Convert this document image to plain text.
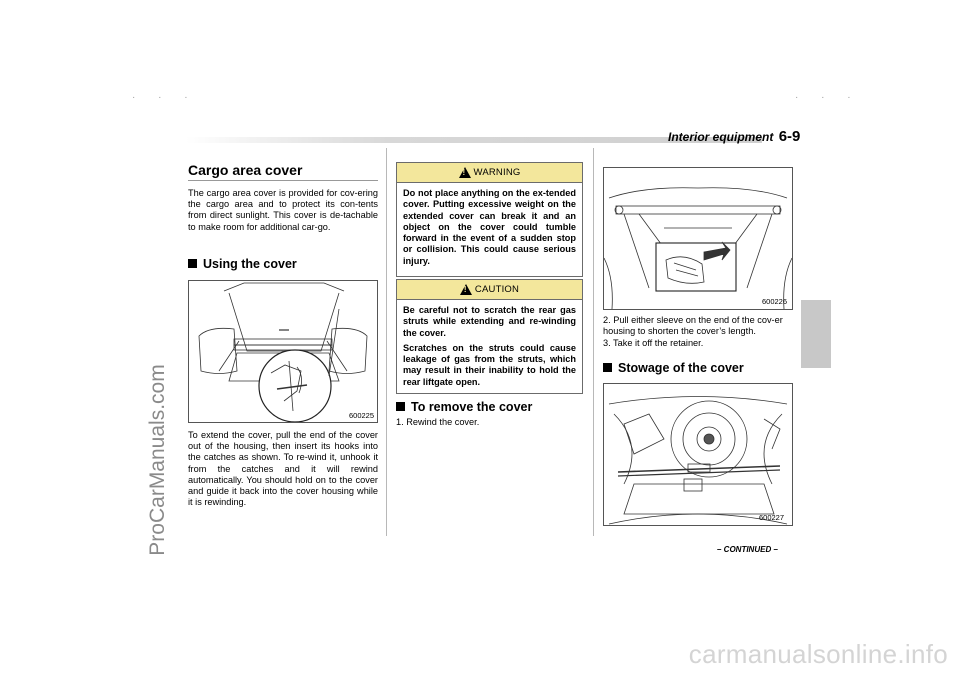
· · ·	· · ·
ProCarManuals.com
Interior equipment 6-9
Cargo area cover
The cargo area cover is provided for cov-ering the cargo area and to protect its con-tents from direct sunlight. This cover is de-tachable to make room for additional car-go.
Using the cover
600225
To extend the cover, pull the end of the cover out of the housing, then insert its hooks into the catches as shown. To re-wind it, unhook it from the catches and it will rewind automatically. You should hold on to the cover and guide it back into the cover housing while it is rewinding.
!
WARNING

Do not place anything on the ex-tended cover. Putting excessive weight on the extended cover can break it and an object on the cover could tumble forward in the event of a sudden stop or collision. This could cause serious injury.

!
CAUTION

Be careful not to scratch the rear gas struts while extending and re-winding the cover.

Scratches on the struts could cause leakage of gas from the struts, which may result in their inability to hold the rear liftgate open.

To remove the cover
1. Rewind the cover.
600226
2. Pull either sleeve on the end of the cov-er housing to shorten the cover’s length.
3. Take it off the retainer.
Stowage of the cover
600227
– CONTINUED –
carmanualsonline.info
